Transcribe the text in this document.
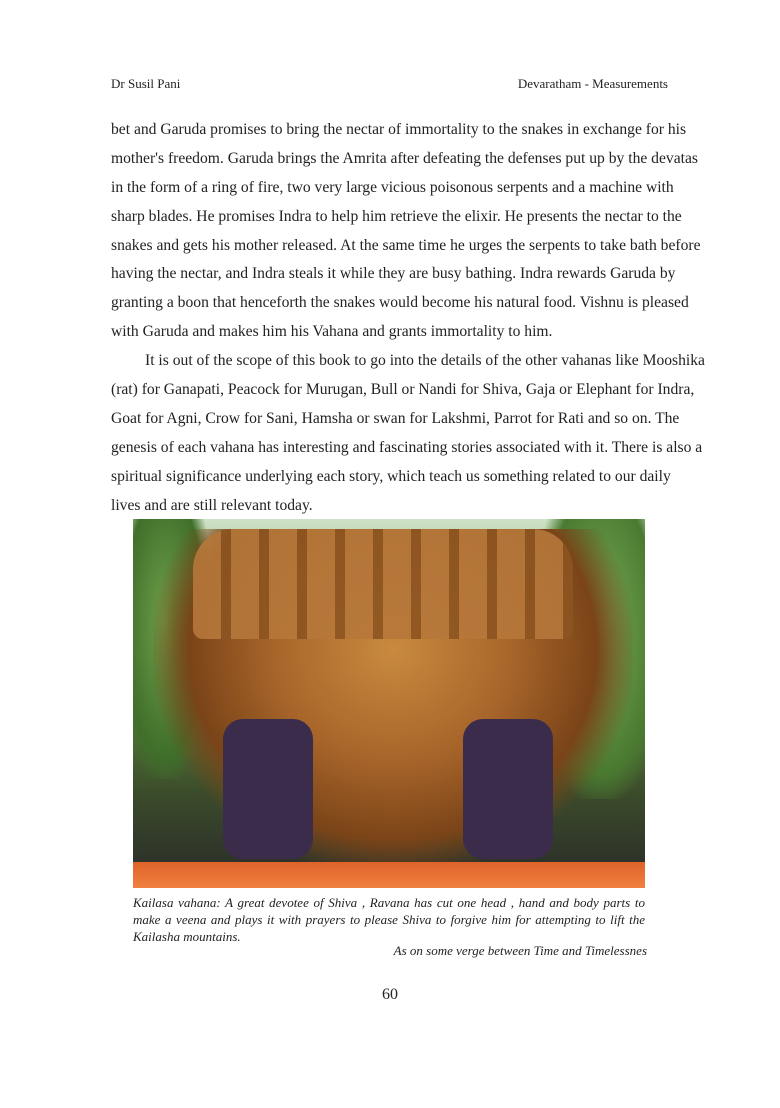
Dr Susil Pani	Devaratham - Measurements
bet and Garuda promises to bring the nectar of immortality to the snakes in exchange for his
mother's freedom. Garuda brings the Amrita after defeating the defenses put up by the devatas
in the form of a ring of fire, two very large vicious poisonous serpents and a machine with
sharp blades. He promises Indra to help him retrieve the elixir. He presents the nectar to the
snakes and gets his mother released. At the same time he urges the serpents to take bath before
having the nectar, and Indra steals it while they are busy bathing. Indra rewards Garuda by
granting a boon that henceforth the snakes would become his natural food. Vishnu is pleased
with Garuda and makes him his Vahana and grants immortality to him.
It is out of the scope of this book to go into the details of the other vahanas like Mooshika
(rat) for Ganapati, Peacock for Murugan, Bull or Nandi for Shiva, Gaja or Elephant for Indra,
Goat for Agni, Crow for Sani, Hamsha or swan for Lakshmi, Parrot for Rati and so on. The
genesis of each vahana has interesting and fascinating stories associated with it. There is also a
spiritual significance underlying each story, which teach us something related to our daily
lives and are still relevant today.
Kailasa vahana: A great devotee of Shiva , Ravana has cut one head , hand and body parts to
make a veena and plays it with prayers to please Shiva to forgive him for attempting to lift the
Kailasha mountains.
As on some verge between Time and Timelessnes
60
